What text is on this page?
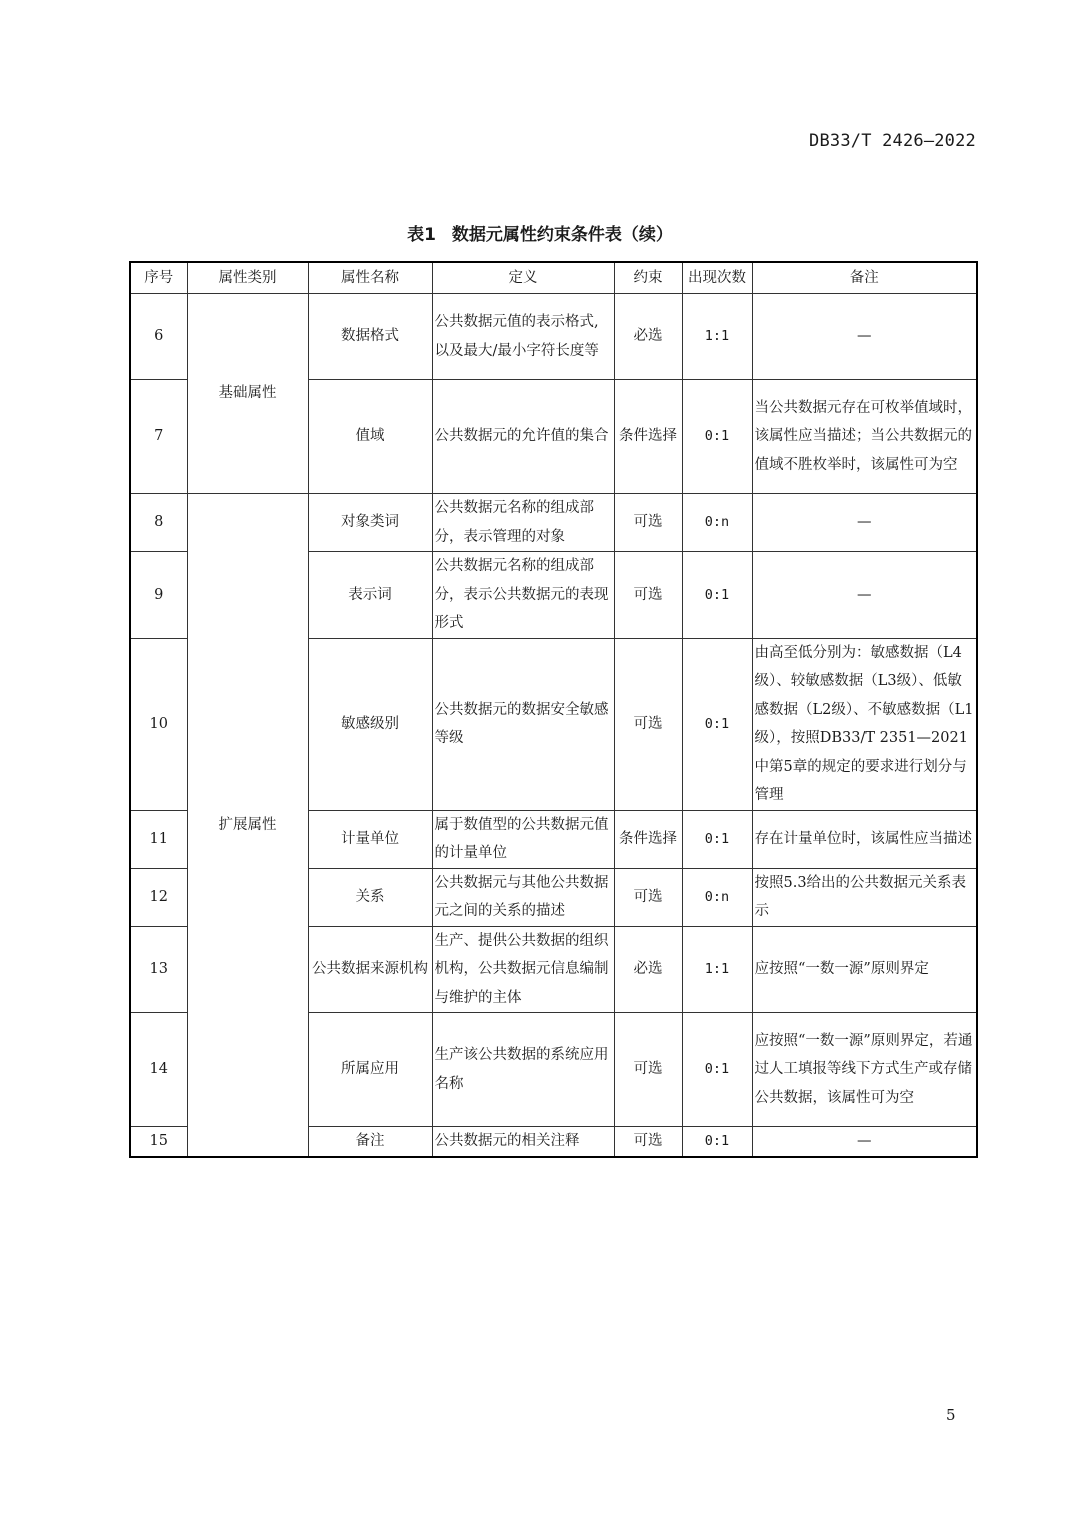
DB33/T 2426—2022
表1 数据元属性约束条件表（续）
序号	属性类别	属性名称	定义	约束	出现次数	备注
6	基础属性	数据格式	公共数据元值的表示格式,以及最大/最小字符长度等	必选	1:1	—
7		值域	公共数据元的允许值的集合	条件选择	0:1	当公共数据元存在可枚举值域时，该属性应当描述；当公共数据元的值域不胜枚举时，该属性可为空
8	扩展属性	对象类词	公共数据元名称的组成部分，表示管理的对象	可选	0:n	—
9		表示词	公共数据元名称的组成部分，表示公共数据元的表现形式	可选	0:1	—
10		敏感级别	公共数据元的数据安全敏感等级	可选	0:1	由高至低分别为：敏感数据（L4级）、较敏感数据（L3级）、低敏感数据（L2级）、不敏感数据（L1级），按照DB33/T 2351—2021中第5章的规定的要求进行划分与管理
11		计量单位	属于数值型的公共数据元值的计量单位	条件选择	0:1	存在计量单位时，该属性应当描述
12		关系	公共数据元与其他公共数据元之间的关系的描述	可选	0:n	按照5.3给出的公共数据元关系表示
13		公共数据来源机构	生产、提供公共数据的组织机构，公共数据元信息编制与维护的主体	必选	1:1	应按照“一数一源”原则界定
14		所属应用	生产该公共数据的系统应用名称	可选	0:1	应按照“一数一源”原则界定，若通过人工填报等线下方式生产或存储公共数据，该属性可为空
15		备注	公共数据元的相关注释	可选	0:1	—
5
